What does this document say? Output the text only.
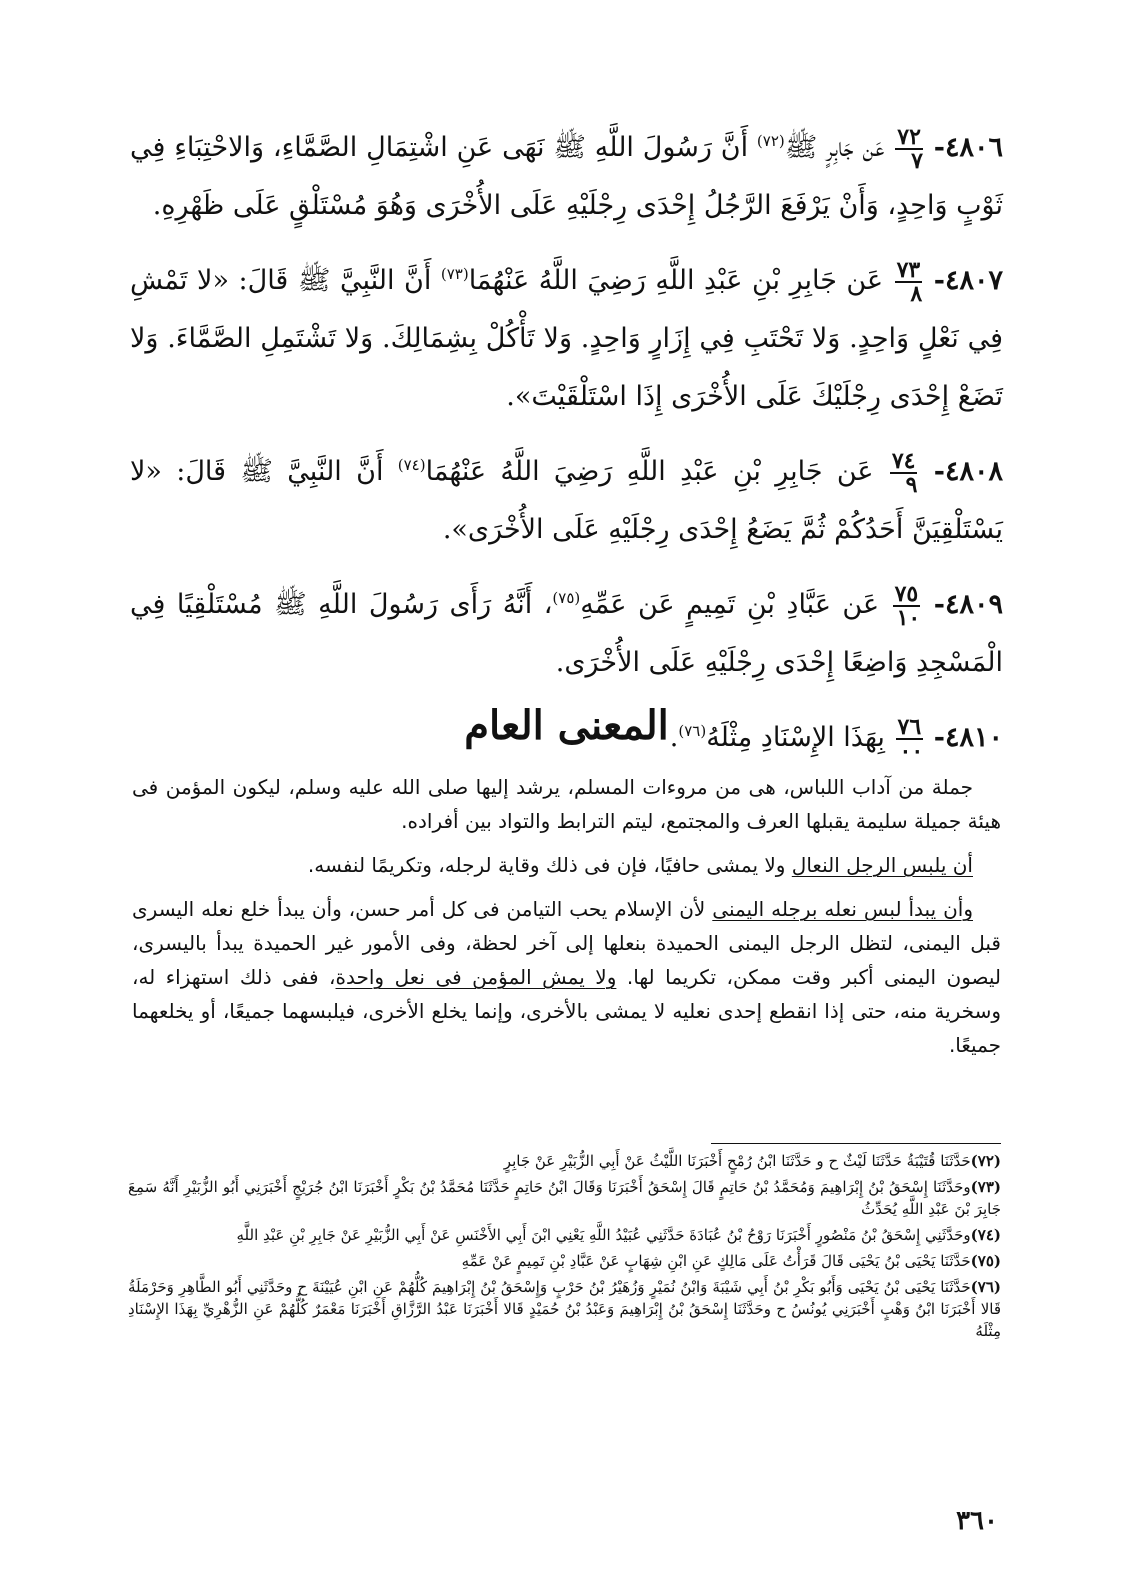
٤٨٠٦-
$\frac{٧٢}{٧}$
عَن جَابِرٍ ﷺ$^{(٧٢)}$ أَنَّ رَسُولَ اللَّهِ ﷺ نَهَى عَنِ اشْتِمَالِ الصَّمَّاءِ، وَالاحْتِبَاءِ فِي ثَوْبٍ وَاحِدٍ، وَأَنْ يَرْفَعَ الرَّجُلُ إِحْدَى رِجْلَيْهِ عَلَى الأُخْرَى وَهُوَ مُسْتَلْقٍ عَلَى ظَهْرِهِ.

٤٨٠٧-
$\frac{٧٣}{٨}$
عَن جَابِرِ بْنِ عَبْدِ اللَّهِ رَضِيَ اللَّهُ عَنْهُمَا$^{(٧٣)}$ أَنَّ النَّبِيَّ ﷺ قَالَ: «لا تَمْشِ فِي نَعْلٍ وَاحِدٍ. وَلا تَحْتَبِ فِي إِزَارٍ وَاحِدٍ. وَلا تَأْكُلْ بِشِمَالِكَ. وَلا تَشْتَمِلِ الصَّمَّاءَ. وَلا تَضَعْ إِحْدَى رِجْلَيْكَ عَلَى الأُخْرَى إِذَا اسْتَلْقَيْتَ».

٤٨٠٨-
$\frac{٧٤}{٩}$
عَن جَابِرِ بْنِ عَبْدِ اللَّهِ رَضِيَ اللَّهُ عَنْهُمَا$^{(٧٤)}$ أَنَّ النَّبِيَّ ﷺ قَالَ: «لا يَسْتَلْقِيَنَّ أَحَدُكُمْ ثُمَّ يَضَعُ إِحْدَى رِجْلَيْهِ عَلَى الأُخْرَى».

٤٨٠٩-
$\frac{٧٥}{١٠}$
عَن عَبَّادِ بْنِ تَمِيمٍ عَن عَمِّهِ$^{(٧٥)}$، أَنَّهُ رَأَى رَسُولَ اللَّهِ ﷺ مُسْتَلْقِيًا فِي الْمَسْجِدِ وَاضِعًا إِحْدَى رِجْلَيْهِ عَلَى الأُخْرَى.

٤٨١٠-
$\frac{٧٦}{٠٠}$
بِهَذَا الإِسْنَادِ مِثْلَهُ$^{(٧٦)}$.

المعنى العام

جملة من آداب اللباس، هى من مروءات المسلم، يرشد إليها صلى الله عليه وسلم، ليكون المؤمن فى هيئة جميلة سليمة يقبلها العرف والمجتمع، ليتم الترابط والتواد بين أفراده.

أن يلبس الرجل النعال ولا يمشى حافيًا، فإن فى ذلك وقاية لرجله، وتكريمًا لنفسه.

وأن يبدأ لبس نعله برجله اليمنى لأن الإسلام يحب التيامن فى كل أمر حسن، وأن يبدأ خلع نعله اليسرى قبل اليمنى، لتظل الرجل اليمنى الحميدة بنعلها إلى آخر لحظة، وفى الأمور غير الحميدة يبدأ باليسرى، ليصون اليمنى أكبر وقت ممكن، تكريما لها. ولا يمش المؤمن فى نعل واحدة، ففى ذلك استهزاء له، وسخرية منه، حتى إذا انقطع إحدى نعليه لا يمشى بالأخرى، وإنما يخلع الأخرى، فيلبسهما جميعًا، أو يخلعهما جميعًا.

(٧٢)حَدَّثَنَا قُتَيْبَةُ حَدَّثَنَا لَيْثٌ ح و حَدَّثَنَا ابْنُ رُمْحٍ أَخْبَرَنَا اللَّيْثُ عَنْ أَبِي الزُّبَيْرِ عَنْ جَابِرٍ

(٧٣)وحَدَّثَنَا إِسْحَقُ بْنُ إِبْرَاهِيمَ وَمُحَمَّدُ بْنُ حَاتِمٍ قَالَ إِسْحَقُ أَخْبَرَنَا وَقَالَ ابْنُ حَاتِمٍ حَدَّثَنَا مُحَمَّدُ بْنُ بَكْرٍ أَخْبَرَنَا ابْنُ جُرَيْجٍ أَخْبَرَنِي أَبُو الزُّبَيْرِ أَنَّهُ سَمِعَ جَابِرَ بْنَ عَبْدِ اللَّهِ يُحَدِّثُ

(٧٤)وحَدَّثَنِي إِسْحَقُ بْنُ مَنْصُورٍ أَخْبَرَنَا رَوْحُ بْنُ عُبَادَةَ حَدَّثَنِي عُبَيْدُ اللَّهِ يَعْنِي ابْنَ أَبِي الأَخْنَسِ عَنْ أَبِي الزُّبَيْرِ عَنْ جَابِرِ بْنِ عَبْدِ اللَّهِ

(٧٥)حَدَّثَنَا يَحْيَى بْنُ يَحْيَى قَالَ قَرَأْتُ عَلَى مَالِكٍ عَنِ ابْنِ شِهَابٍ عَنْ عَبَّادِ بْنِ تَمِيمٍ عَنْ عَمِّهِ

(٧٦)حَدَّثَنَا يَحْيَى بْنُ يَحْيَى وَأَبُو بَكْرِ بْنُ أَبِي شَيْبَةَ وَابْنُ نُمَيْرٍ وَزُهَيْرُ بْنُ حَرْبٍ وَإِسْحَقُ بْنُ إِبْرَاهِيمَ كُلُّهُمْ عَنِ ابْنِ عُيَيْنَةَ ح وحَدَّثَنِي أَبُو الطَّاهِرِ وَحَرْمَلَةُ قَالا أَخْبَرَنَا ابْنُ وَهْبٍ أَخْبَرَنِي يُونُسُ ح وحَدَّثَنَا إِسْحَقُ بْنُ إِبْرَاهِيمَ وَعَبْدُ بْنُ حُمَيْدٍ قَالا أَخْبَرَنَا عَبْدُ الرَّزَّاقِ أَخْبَرَنَا مَعْمَرٌ كُلُّهُمْ عَنِ الزُّهْرِيِّ بِهَذَا الإِسْنَادِ مِثْلَهُ

٣٦٠
